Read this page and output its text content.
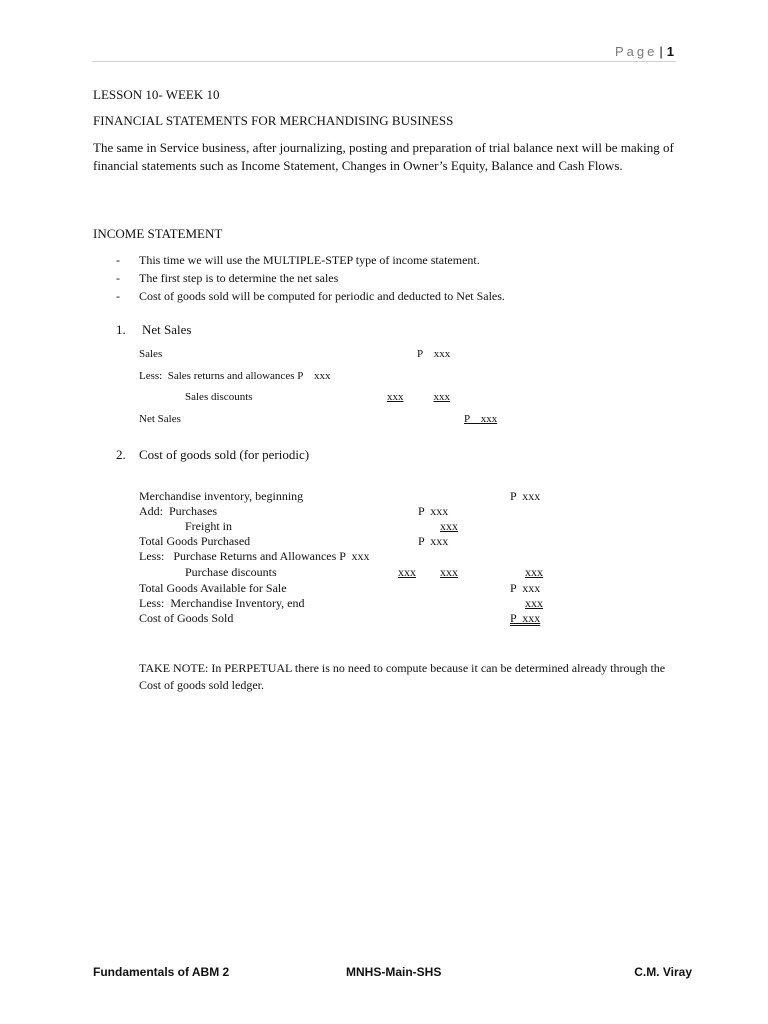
Page | 1
LESSON 10- WEEK 10
FINANCIAL STATEMENTS FOR MERCHANDISING BUSINESS
The same in Service business, after journalizing, posting and preparation of trial balance next will be making of financial statements such as Income Statement, Changes in Owner’s Equity, Balance and Cash Flows.
INCOME STATEMENT
- This time we will use the MULTIPLE-STEP type of income statement.
- The first step is to determine the net sales
- Cost of goods sold will be computed for periodic and deducted to Net Sales.
1. Net Sales
Sales	P    xxx
Less:  Sales returns and allowances P    xxx
Sales discounts	xxx	xxx
Net Sales	P    xxx
2. Cost of goods sold (for periodic)
Merchandise inventory, beginning	P  xxx
Add:  Purchases	P  xxx
Freight in	xxx
Total Goods Purchased	P  xxx
Less:   Purchase Returns and Allowances P  xxx
Purchase discounts	xxx xxx	xxx
Total Goods Available for Sale	P  xxx
Less:  Merchandise Inventory, end	xxx
Cost of Goods Sold	P  xxx
TAKE NOTE: In PERPETUAL there is no need to compute because it can be determined already through the Cost of goods sold ledger.
Fundamentals of ABM 2	MNHS-Main-SHS	C.M. Viray
